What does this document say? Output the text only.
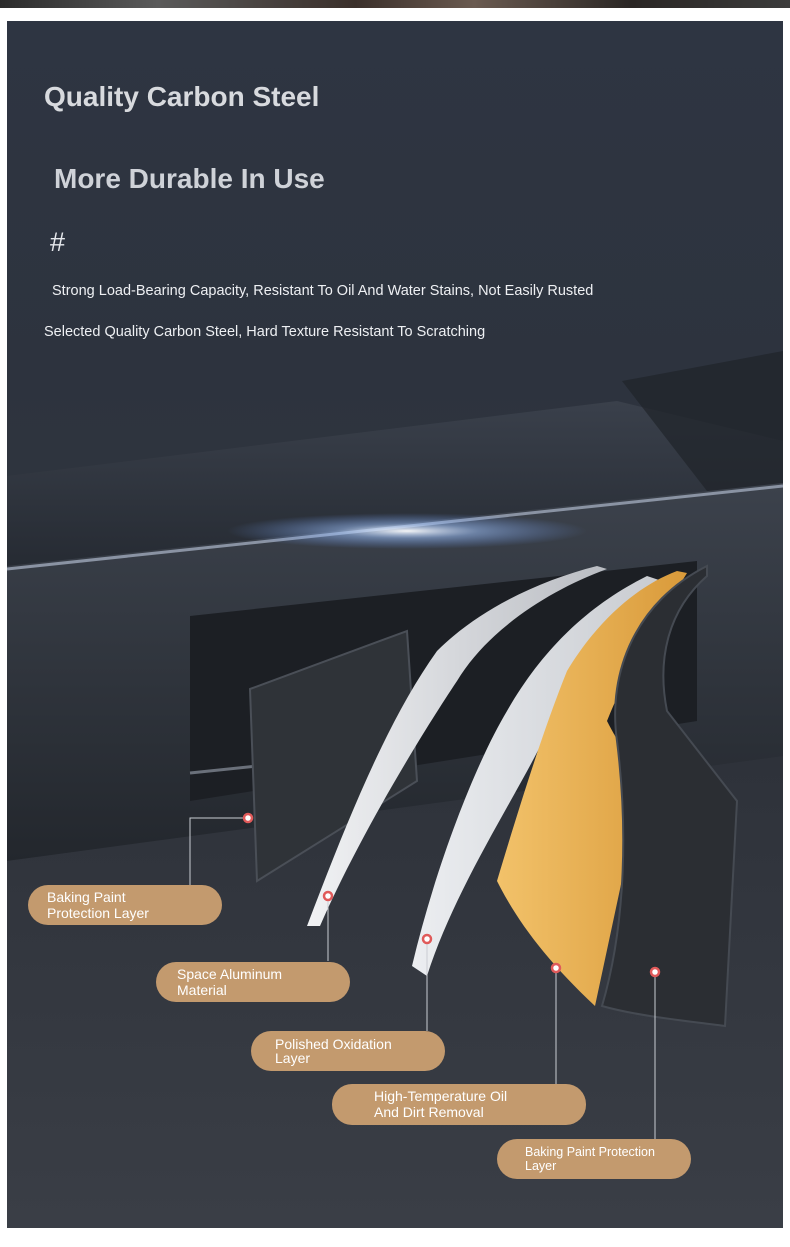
Quality Carbon Steel
More Durable In Use
#

Strong Load-Bearing Capacity, Resistant To Oil And Water Stains, Not Easily Rusted

Selected Quality Carbon Steel, Hard Texture Resistant To Scratching

Baking Paint
Protection Layer
Space Aluminum
Material
Polished Oxidation
Layer
High-Temperature Oil
And Dirt Removal
Baking Paint Protection
Layer
